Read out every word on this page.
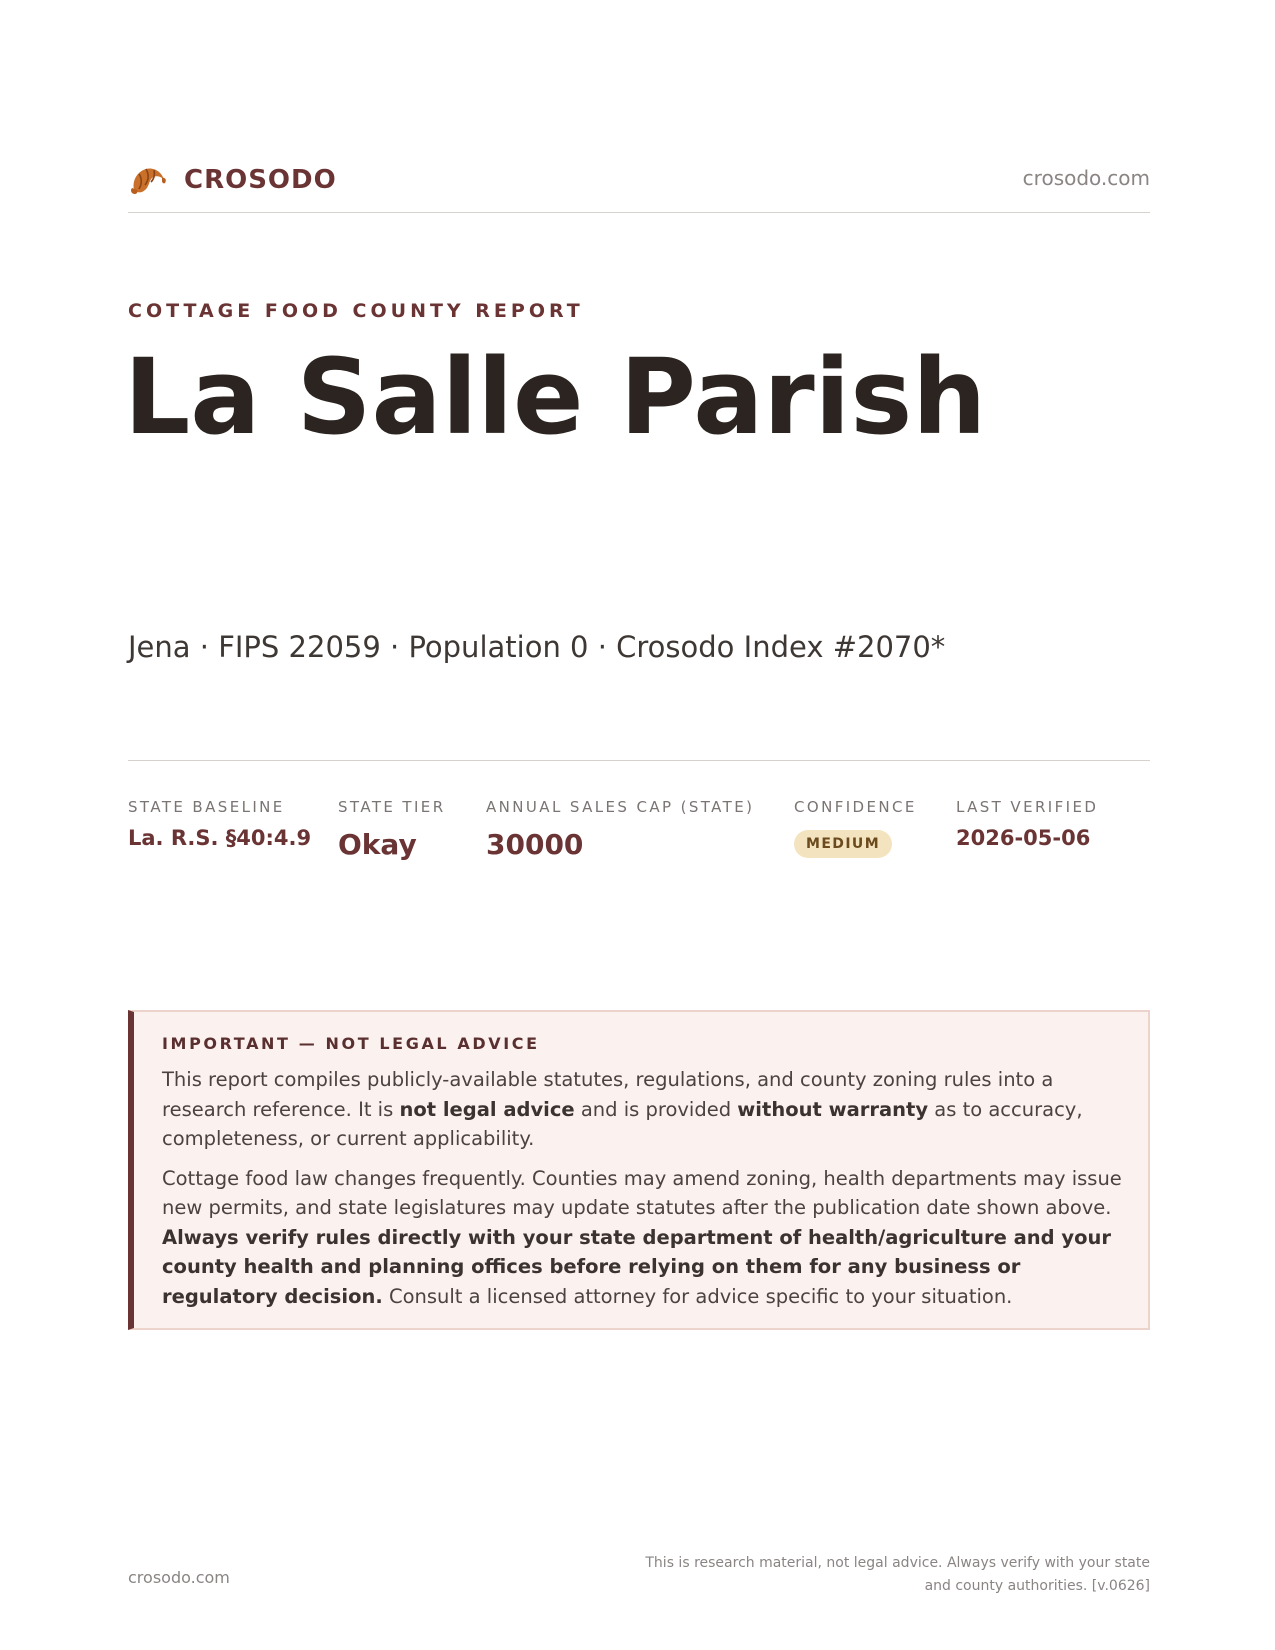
CROSODO	crosodo.com
COTTAGE FOOD COUNTY REPORT
La Salle Parish
Jena · FIPS 22059 · Population 0 · Crosodo Index #2070*
STATE BASELINE
La. R.S. §40:4.9
STATE TIER
Okay
ANNUAL SALES CAP (STATE)
30000
CONFIDENCE
MEDIUM
LAST VERIFIED
2026-05-06
IMPORTANT — NOT LEGAL ADVICE

This report compiles publicly-available statutes, regulations, and county zoning rules into a research reference. It is not legal advice and is provided without warranty as to accuracy, completeness, or current applicability.

Cottage food law changes frequently. Counties may amend zoning, health departments may issue new permits, and state legislatures may update statutes after the publication date shown above. Always verify rules directly with your state department of health/agriculture and your county health and planning offices before relying on them for any business or regulatory decision. Consult a licensed attorney for advice specific to your situation.

crosodo.com
This is research material, not legal advice. Always verify with your state
and county authorities. [v.0626]
